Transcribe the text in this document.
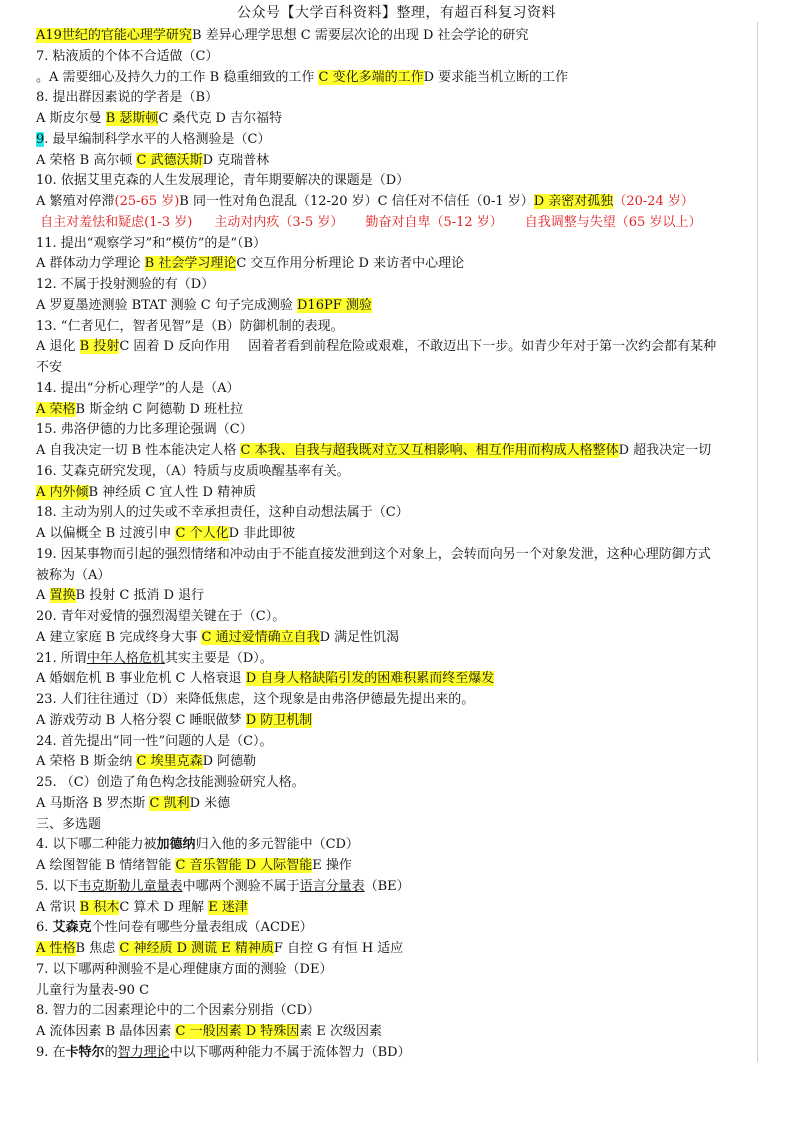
公众号【大学百科资料】整理，有超百科复习资料
A19世纪的官能心理学研究B 差异心理学思想 C 需要层次论的出现 D 社会学论的研究
7. 粘液质的个体不合适做（C）
。A 需要细心及持久力的工作 B 稳重细致的工作 C 变化多端的工作D 要求能当机立断的工作
8. 提出群因素说的学者是（B）
A 斯皮尔曼 B 瑟斯顿C 桑代克 D 吉尔福特
9. 最早编制科学水平的人格测验是（C）
A 荣格 B 高尔顿 C 武德沃斯D 克瑞普林
10. 依据艾里克森的人生发展理论，青年期要解决的课题是（D）
A 繁殖对停滞(25-65 岁)B 同一性对角色混乱（12-20 岁）C 信任对不信任（0-1 岁）D 亲密对孤独（20-24 岁）
自主对羞怯和疑虑(1-3 岁) 主动对内疚（3-5 岁） 勤奋对自卑（5-12 岁） 自我调整与失望（65 岁以上）
11. 提出“观察学习”和“模仿”的是“（B）
A 群体动力学理论 B 社会学习理论C 交互作用分析理论 D 来访者中心理论
12. 不属于投射测验的有（D）
A 罗夏墨迹测验 BTAT 测验 C 句子完成测验 D16PF 测验
13. “仁者见仁，智者见智”是（B）防御机制的表现。
A 退化 B 投射C 固着 D 反向作用 固着者看到前程危险或艰难，不敢迈出下一步。如青少年对于第一次约会都有某种
不安
14. 提出“分析心理学”的人是（A）
A 荣格B 斯金纳 C 阿德勒 D 班杜拉
15. 弗洛伊德的力比多理论强调（C）
A 自我决定一切 B 性本能决定人格 C 本我、自我与超我既对立又互相影响、相互作用而构成人格整体D 超我决定一切
16. 艾森克研究发现，（A）特质与皮质唤醒基率有关。
A 内外倾B 神经质 C 宜人性 D 精神质
18. 主动为别人的过失或不幸承担责任，这种自动想法属于（C）
A 以偏概全 B 过渡引申 C 个人化D 非此即彼
19. 因某事物而引起的强烈情绪和冲动由于不能直接发泄到这个对象上，会转而向另一个对象发泄，这种心理防御方式
被称为（A）
A 置换B 投射 C 抵消 D 退行
20. 青年对爱情的强烈渴望关键在于（C）。
A 建立家庭 B 完成终身大事 C 通过爱情确立自我D 满足性饥渴
21. 所谓中年人格危机其实主要是（D）。
A 婚姻危机 B 事业危机 C 人格衰退 D 自身人格缺陷引发的困难积累而终至爆发
23. 人们往往通过（D）来降低焦虑，这个现象是由弗洛伊德最先提出来的。
A 游戏劳动 B 人格分裂 C 睡眠做梦 D 防卫机制
24. 首先提出“同一性”问题的人是（C）。
A 荣格 B 斯金纳 C 埃里克森D 阿德勒
25. （C）创造了角色构念技能测验研究人格。
A 马斯洛 B 罗杰斯 C 凯利D 米德
三、多选题
4. 以下哪二种能力被加德纳归入他的多元智能中（CD）
A 绘图智能 B 情绪智能 C 音乐智能 D 人际智能E 操作
5. 以下韦克斯勒儿童量表中哪两个测验不属于语言分量表（BE）
A 常识 B 积木C 算术 D 理解 E 迷津
6. 艾森克个性问卷有哪些分量表组成（ACDE）
A 性格B 焦虑 C 神经质 D 测谎 E 精神质F 自控 G 有恒 H 适应
7. 以下哪两种测验不是心理健康方面的测验（DE）
儿童行为量表-90 C
8. 智力的二因素理论中的二个因素分别指（CD）
A 流体因素 B 晶体因素 C 一般因素 D 特殊因素 E 次级因素
9. 在卡特尔的智力理论中以下哪两种能力不属于流体智力（BD）
